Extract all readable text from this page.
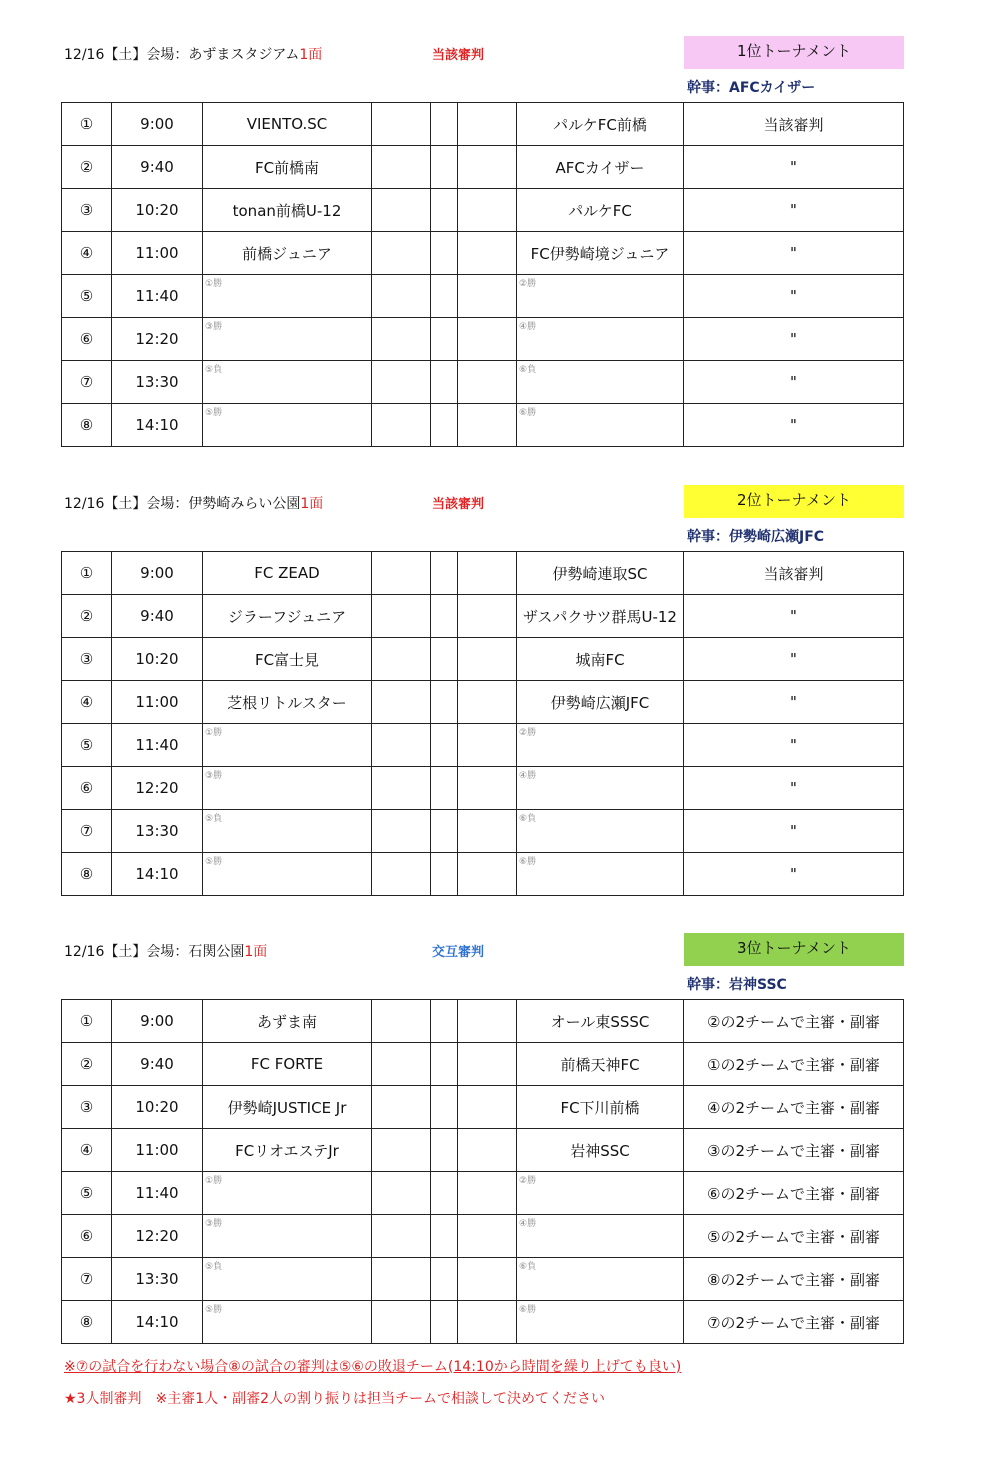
12/16【土】会場：あずまスタジアム1面	当該審判	1位トーナメント
幹事：AFCカイザー
①	9:00	VIENTO.SC				パルケFC前橋	当該審判
②	9:40	FC前橋南				AFCカイザー	"
③	10:20	tonan前橋U-12				パルケFC	"
④	11:00	前橋ジュニア				FC伊勢崎境ジュニア	"
⑤	11:40	①勝				②勝	"
⑥	12:20	③勝				④勝	"
⑦	13:30	⑤負				⑥負	"
⑧	14:10	⑤勝				⑥勝	"
12/16【土】会場：伊勢崎みらい公園1面	当該審判	2位トーナメント
幹事：伊勢崎広瀬JFC
①	9:00	FC ZEAD				伊勢崎連取SC	当該審判
②	9:40	ジラーフジュニア				ザスパクサツ群馬U-12	"
③	10:20	FC富士見				城南FC	"
④	11:00	芝根リトルスター				伊勢崎広瀬JFC	"
⑤	11:40	①勝				②勝	"
⑥	12:20	③勝				④勝	"
⑦	13:30	⑤負				⑥負	"
⑧	14:10	⑤勝				⑥勝	"
12/16【土】会場：石関公園1面	交互審判	3位トーナメント
幹事：岩神SSC
①	9:00	あずま南				オール東SSSC	②の2チームで主審・副審
②	9:40	FC FORTE				前橋天神FC	①の2チームで主審・副審
③	10:20	伊勢崎JUSTICE Jr				FC下川前橋	④の2チームで主審・副審
④	11:00	FCリオエステJr				岩神SSC	③の2チームで主審・副審
⑤	11:40	①勝				②勝	⑥の2チームで主審・副審
⑥	12:20	③勝				④勝	⑤の2チームで主審・副審
⑦	13:30	⑤負				⑥負	⑧の2チームで主審・副審
⑧	14:10	⑤勝				⑥勝	⑦の2チームで主審・副審
※⑦の試合を行わない場合⑧の試合の審判は⑤⑥の敗退チーム(14:10から時間を繰り上げても良い)
★3人制審判　※主審1人・副審2人の割り振りは担当チームで相談して決めてください
